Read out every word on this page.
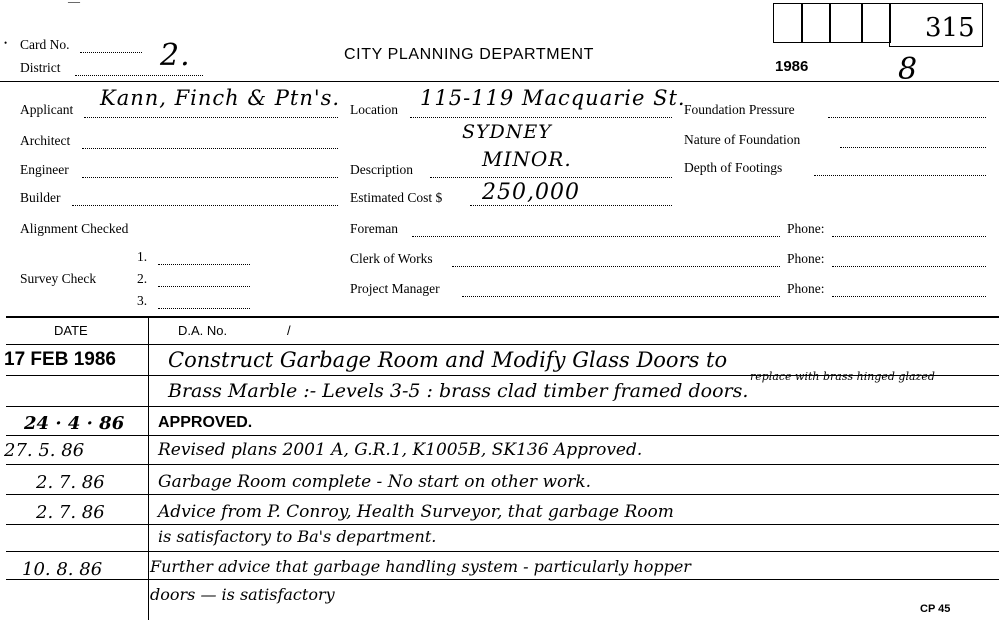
—
• Card No.
District	2.	CITY PLANNING DEPARTMENT
1986	8
315
Applicant Kann, Finch & Ptn's.
Architect
Engineer
Builder
Alignment Checked
Survey Check
1.
2.
3.
Location 115-119 Macquarie St.
SYDNEY
Description	MINOR.
Estimated Cost $ 250,000
Foreman	Phone:
Clerk of Works	Phone:
Project Manager	Phone:
Foundation Pressure
Nature of Foundation
Depth of Footings
DATE	D.A. No.	/
17 FEB 1986 Construct Garbage Room and Modify Glass Doors to
Brass Marble :- Levels 3-5 : brass clad timber framed doors.
replace with brass hinged glazed
24 · 4 · 86 APPROVED.
27. 5. 86	Revised plans 2001 A, G.R.1, K1005B, SK136 Approved.
2. 7. 86	Garbage Room complete - No start on other work.
2. 7. 86	Advice from P. Conroy, Health Surveyor, that garbage Room
is satisfactory to Ba's department.
10. 8. 86	Further advice that garbage handling system - particularly hopper
doors — is satisfactory
CP 45
